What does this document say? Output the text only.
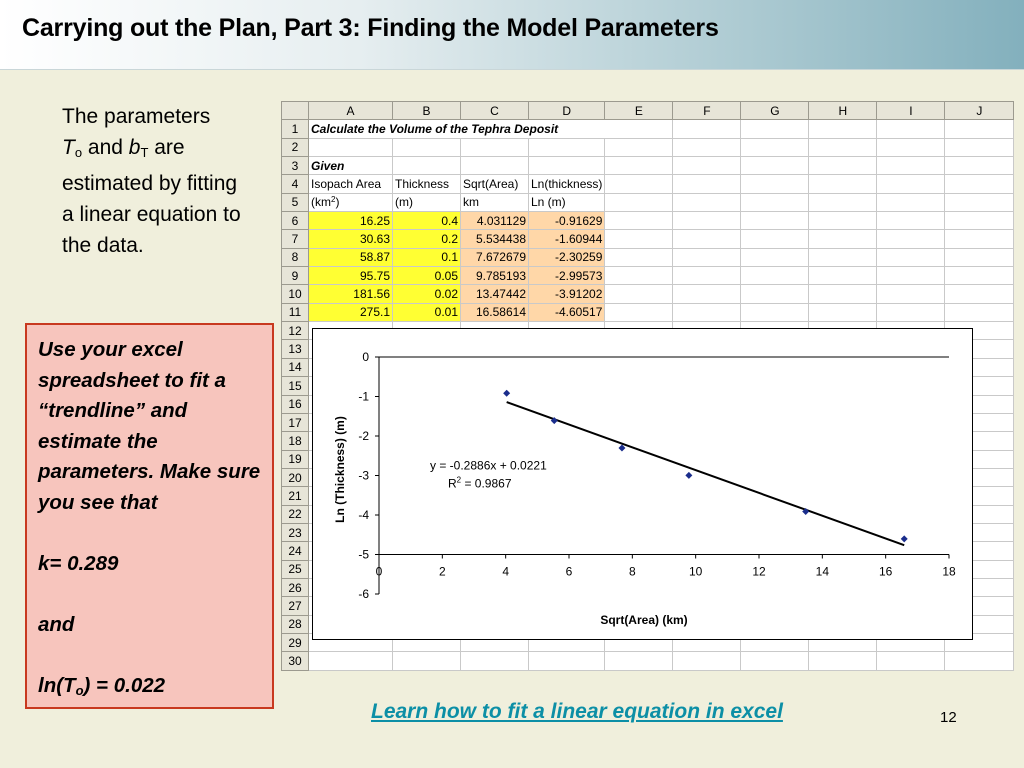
Carrying out the Plan, Part 3: Finding the Model Parameters
The parameters
$T_o$ and $b_T$ are estimated by fitting a linear equation to the data.

Use your excel spreadsheet to fit a “trendline” and estimate the parameters. Make sure you see that

k= 0.289

and

$\ln(T_o) = 0.022$

	A	B	C	D	E	F	G	H	I	J
1	Calculate the Volume of the Tephra Deposit									
2										
3	Given									
4	Isopach Area	Thickness	Sqrt(Area)	Ln(thickness)						
5	$(km^2)$	(m)	km	Ln (m)						
6	16.25	0.4	4.031129	-0.91629						
7	30.63	0.2	5.534438	-1.60944						
8	58.87	0.1	7.672679	-2.30259						
9	95.75	0.05	9.785193	-2.99573						
10	181.56	0.02	13.47442	-3.91202						
11	275.1	0.01	16.58614	-4.60517						
12										
13										
14										
15										
16										
17										
18										
19										
20										
21										
22										
23										
24										
25										
26										
27										
28										
29										
30										
0
-1
-2
-3
-4
-5
-6
0	2	4	6	8	10	12	14	16	18
y = -0.2886x + 0.0221
$R^2 = 0.9867$
Sqrt(Area) (km)
Ln (Thickness) (m)
Learn how to fit a linear equation in excel	12
